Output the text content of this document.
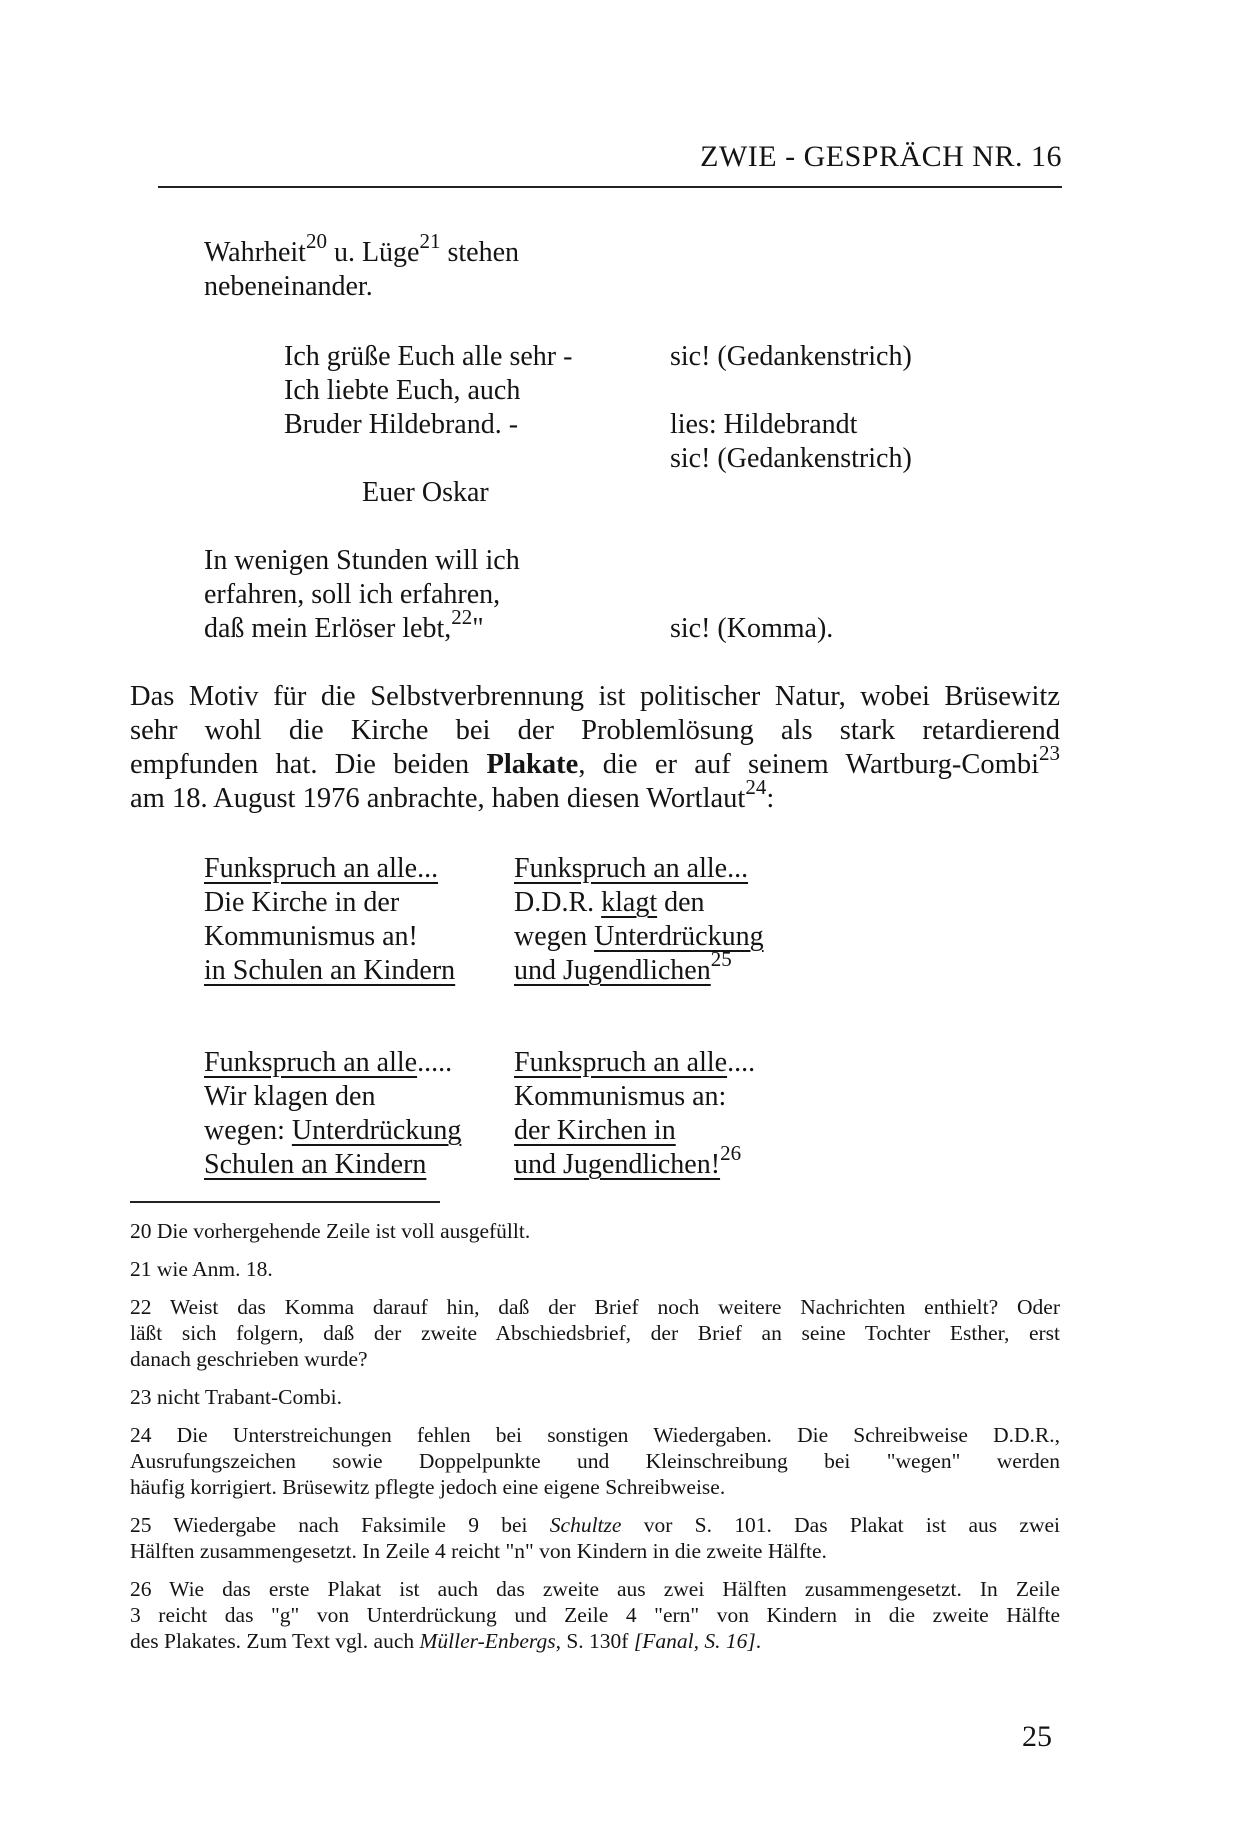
ZWIE - GESPRÄCH NR. 16
Wahrheit$^{20}$ u. Lüge$^{21}$ stehen
nebeneinander.
Ich grüße Euch alle sehr -
Ich liebte Euch, auch
Bruder Hildebrand. -
sic! (Gedankenstrich)
lies: Hildebrandt
sic! (Gedankenstrich)
Euer Oskar
In wenigen Stunden will ich
erfahren, soll ich erfahren,
daß mein Erlöser lebt,$^{22}$"	sic! (Komma).
Das Motiv für die Selbstverbrennung ist politischer Natur, wobei Brüsewitz
sehr wohl die Kirche bei der Problemlösung als stark retardierend
empfunden hat. Die beiden Plakate, die er auf seinem Wartburg-Combi$^{23}$
am 18. August 1976 anbrachte, haben diesen Wortlaut$^{24}$:
Funkspruch an alle...
Die Kirche in der
Kommunismus an!
in Schulen an Kindern
Funkspruch an alle...
D.D.R. klagt den
wegen Unterdrückung
und Jugendlichen$^{25}$
Funkspruch an alle.....
Wir klagen den
wegen: Unterdrückung
Schulen an Kindern
Funkspruch an alle....
Kommunismus an:
der Kirchen in
und Jugendlichen!$^{26}$
20 Die vorhergehende Zeile ist voll ausgefüllt.
21 wie Anm. 18.
22 Weist das Komma darauf hin, daß der Brief noch weitere Nachrichten enthielt? Oder
läßt sich folgern, daß der zweite Abschiedsbrief, der Brief an seine Tochter Esther, erst
danach geschrieben wurde?
23 nicht Trabant-Combi.
24 Die Unterstreichungen fehlen bei sonstigen Wiedergaben. Die Schreibweise D.D.R.,
Ausrufungszeichen sowie Doppelpunkte und Kleinschreibung bei "wegen" werden
häufig korrigiert. Brüsewitz pflegte jedoch eine eigene Schreibweise.
25 Wiedergabe nach Faksimile 9 bei Schultze vor S. 101. Das Plakat ist aus zwei
Hälften zusammengesetzt. In Zeile 4 reicht "n" von Kindern in die zweite Hälfte.
26 Wie das erste Plakat ist auch das zweite aus zwei Hälften zusammengesetzt. In Zeile
3 reicht das "g" von Unterdrückung und Zeile 4 "ern" von Kindern in die zweite Hälfte
des Plakates. Zum Text vgl. auch Müller-Enbergs, S. 130f [Fanal, S. 16].
25
